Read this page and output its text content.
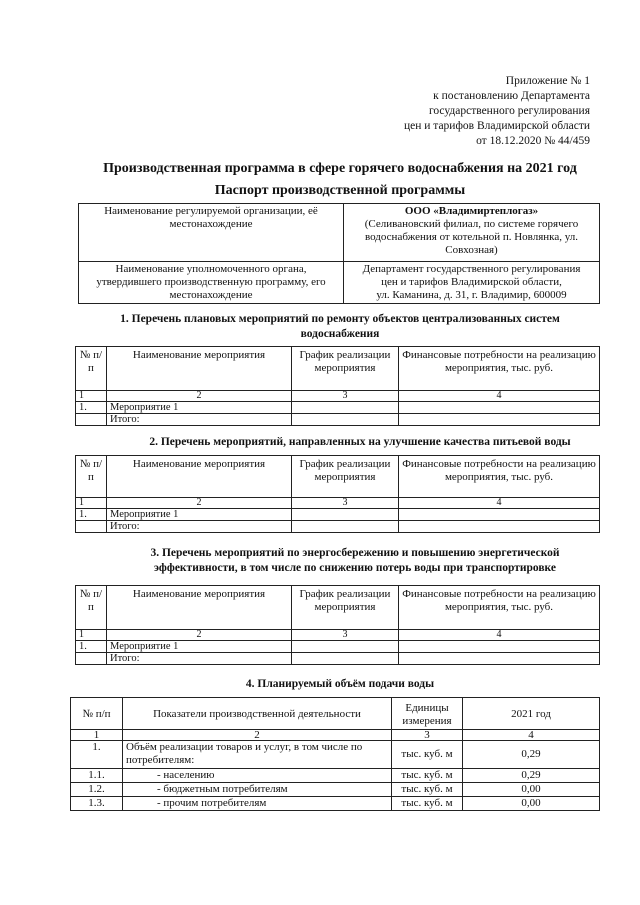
Приложение № 1
к постановлению Департамента
государственного регулирования
цен и тарифов Владимирской области
от 18.12.2020 № 44/459
Производственная программа в сфере горячего водоснабжения на 2021 год
Паспорт производственной программы
Наименование регулируемой организации, её местонахождение	ООО «Владимиртеплогаз»
(Селивановский филиал, по системе горячего водоснабжения от котельной п. Новлянка, ул. Совхозная)

Наименование уполномоченного органа, утвердившего производственную программу, его местонахождение	Департамент государственного регулирования
цен и тарифов Владимирской области,
ул. Каманина, д. 31, г. Владимир, 600009
1. Перечень плановых мероприятий по ремонту объектов централизованных систем
водоснабжения
№ п/п	Наименование мероприятия	График реализации мероприятия	Финансовые потребности на реализацию мероприятия, тыс. руб.
1	2	3	4
1.	Мероприятие 1		
	Итого:		
2. Перечень мероприятий, направленных на улучшение качества питьевой воды
№ п/п	Наименование мероприятия	График реализации мероприятия	Финансовые потребности на реализацию мероприятия, тыс. руб.
1	2	3	4
1.	Мероприятие 1		
	Итого:		
3. Перечень мероприятий по энергосбережению и повышению энергетической
эффективности, в том числе по снижению потерь воды при транспортировке
№ п/п	Наименование мероприятия	График реализации мероприятия	Финансовые потребности на реализацию мероприятия, тыс. руб.
1	2	3	4
1.	Мероприятие 1		
	Итого:		
4. Планируемый объём подачи воды
№ п/п	Показатели производственной деятельности	Единицы измерения	2021 год
1	2	3	4
1.	Объём реализации товаров и услуг, в том числе по потребителям:	тыс. куб. м	0,29
1.1.	- населению	тыс. куб. м	0,29
1.2.	- бюджетным потребителям	тыс. куб. м	0,00
1.3.	- прочим потребителям	тыс. куб. м	0,00
